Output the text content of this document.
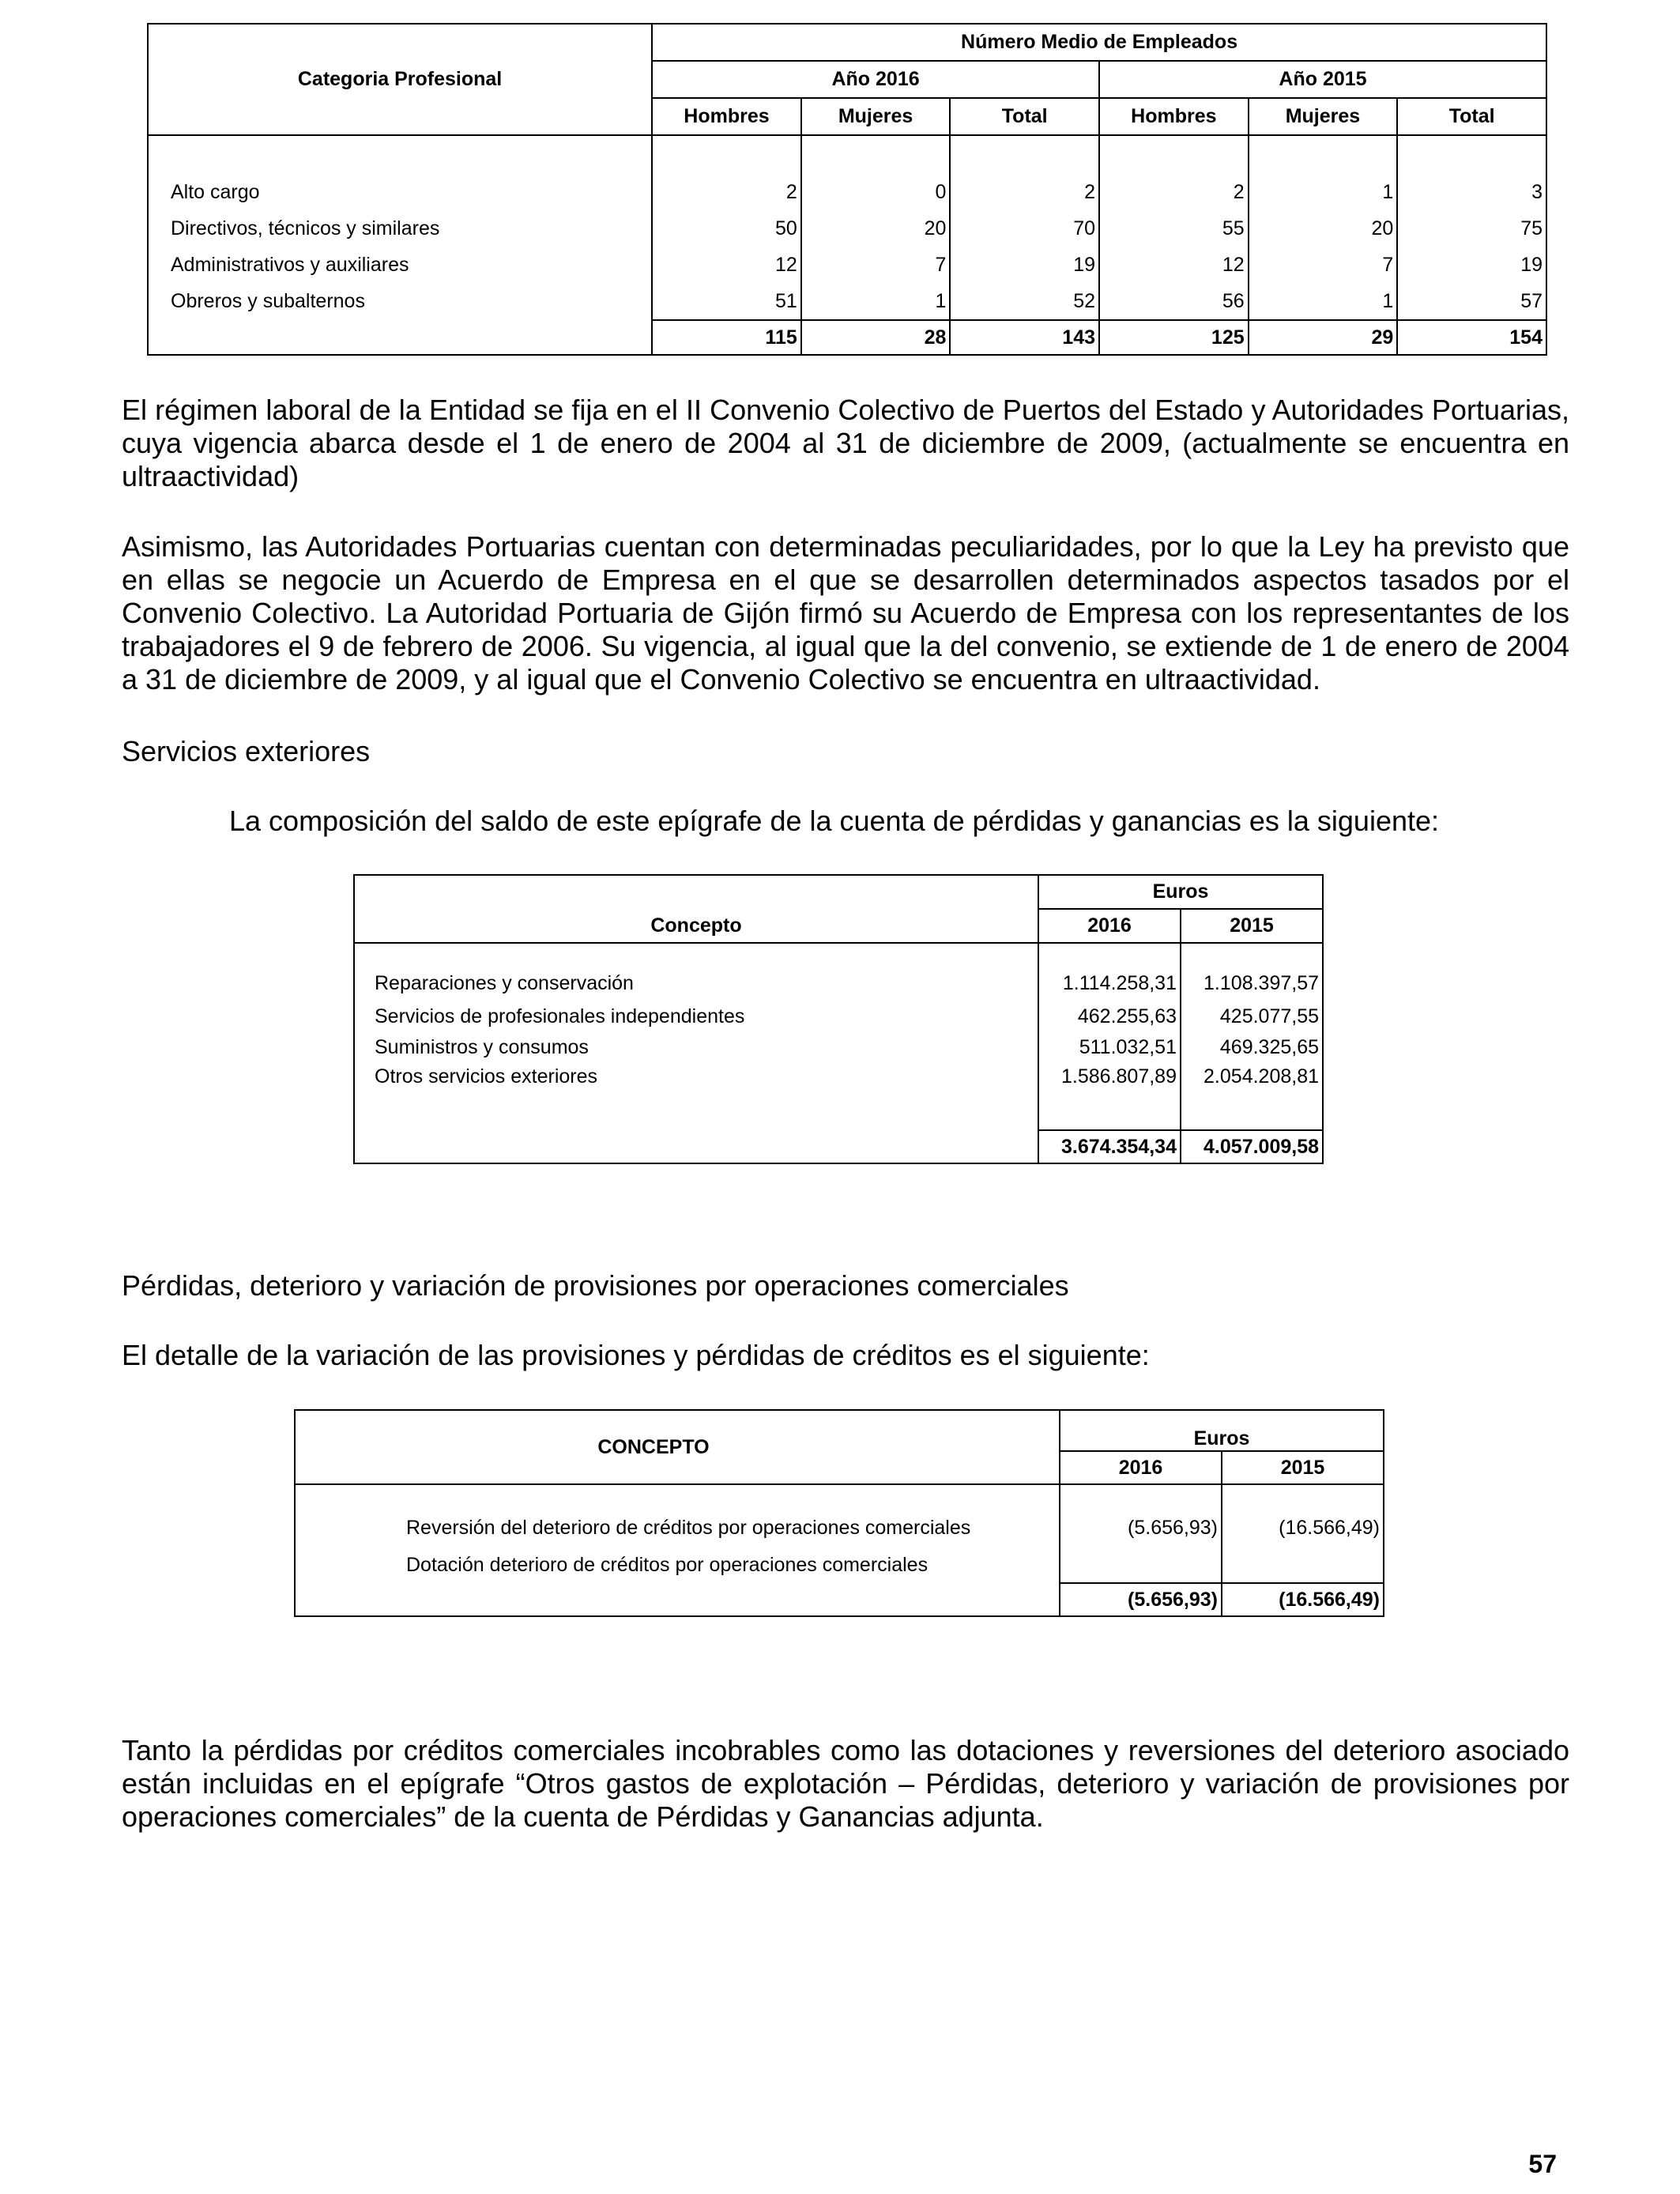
Categoria Profesional	Número Medio de Empleados					
	Año 2016			Año 2015		
	Hombres	Mujeres	Total	Hombres	Mujeres	Total

Alto cargo	2	0	2	2	1	3
Directivos, técnicos y similares	50	20	70	55	20	75
Administrativos y auxiliares	12	7	19	12	7	19
Obreros y subalternos	51	1	52	56	1	57
	115	28	143	125	29	154
El régimen laboral de la Entidad se fija en el II Convenio Colectivo de Puertos del Estado y Autoridades Portuarias, cuya vigencia abarca desde el 1 de enero de 2004 al 31 de diciembre de 2009, (actualmente se encuentra en ultraactividad)
Asimismo, las Autoridades Portuarias cuentan con determinadas peculiaridades, por lo que la Ley ha previsto que en ellas se negocie un Acuerdo de Empresa en el que se desarrollen determinados aspectos tasados por el Convenio Colectivo. La Autoridad Portuaria de Gijón firmó su Acuerdo de Empresa con los representantes de los trabajadores el 9 de febrero de 2006. Su vigencia, al igual que la del convenio, se extiende de 1 de enero de 2004 a 31 de diciembre de 2009, y al igual que el Convenio Colectivo se encuentra en ultraactividad.
Servicios exteriores
La composición del saldo de este epígrafe de la cuenta de pérdidas y ganancias es la siguiente:
Concepto	Euros	
	2016	2015

Reparaciones y conservación	1.114.258,31	1.108.397,57
Servicios de profesionales independientes	462.255,63	425.077,55
Suministros y consumos	511.032,51	469.325,65
Otros servicios exteriores	1.586.807,89	2.054.208,81

	3.674.354,34	4.057.009,58
Pérdidas, deterioro y variación de provisiones por operaciones comerciales
El detalle de la variación de las provisiones y pérdidas de créditos es el siguiente:
CONCEPTO	Euros	
	2016	2015

Reversión del deterioro de créditos por operaciones comerciales	(5.656,93)	(16.566,49)
Dotación deterioro de créditos por operaciones comerciales		
	(5.656,93)	(16.566,49)
Tanto la pérdidas por créditos comerciales incobrables como las dotaciones y reversiones del deterioro asociado están incluidas en el epígrafe “Otros gastos de explotación – Pérdidas, deterioro y variación de provisiones por operaciones comerciales” de la cuenta de Pérdidas y Ganancias adjunta.
57
